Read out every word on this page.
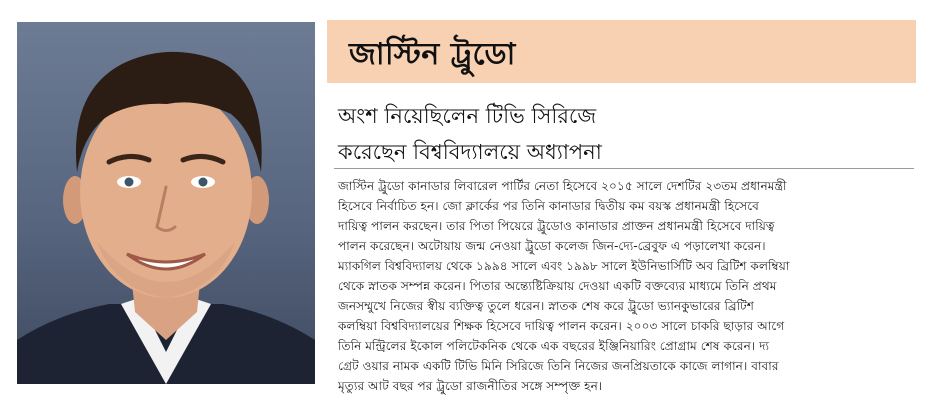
জাস্টিন ট্রুডো

অংশ নিয়েছিলেন টিভি সিরিজে

করেছেন বিশ্ববিদ্যালয়ে অধ্যাপনা

জাস্টিন ট্রুডো কানাডার লিবারেল পার্টির নেতা হিসেবে ২০১৫ সালে দেশটির ২৩তম প্রধানমন্ত্রী

হিসেবে নির্বাচিত হন। জো ক্লার্কের পর তিনি কানাডার দ্বিতীয় কম বয়স্ক প্রধানমন্ত্রী হিসেবে

দায়িত্ব পালন করছেন। তার পিতা পিয়েরে ট্রুডোও কানাডার প্রাক্তন প্রধানমন্ত্রী হিসেবে দায়িত্ব

পালন করেছেন। অটোয়ায় জন্ম নেওয়া ট্রুডো কলেজ জিন-দ্যে-ব্রেবুফ এ পড়ালেখা করেন।

ম্যাকগিল বিশ্ববিদ্যালয় থেকে ১৯৯৪ সালে এবং ১৯৯৮ সালে ইউনিভার্সিটি অব ব্রিটিশ কলম্বিয়া

থেকে স্নাতক সম্পন্ন করেন। পিতার অন্ত্যেষ্টিক্রিয়ায় দেওয়া একটি বক্তব্যের মাধ্যমে তিনি প্রথম

জনসম্মুখে নিজের স্বীয় ব্যক্তিত্ব তুলে ধরেন। স্নাতক শেষ করে ট্রুডো ভ্যানকুভারের ব্রিটিশ

কলম্বিয়া বিশ্ববিদ্যালয়ের শিক্ষক হিসেবে দায়িত্ব পালন করেন। ২০০৩ সালে চাকরি ছাড়ার আগে

তিনি মন্ট্রিলের ইকোল পলিটেকনিক থেকে এক বছরের ইঞ্জিনিয়ারিং প্রোগ্রাম শেষ করেন। দ্য

গ্রেট ওয়ার নামক একটি টিভি মিনি সিরিজে তিনি নিজের জনপ্রিয়তাকে কাজে লাগান। বাবার

মৃত্যুর আট বছর পর ট্রুডো রাজনীতির সঙ্গে সম্পৃক্ত হন।
